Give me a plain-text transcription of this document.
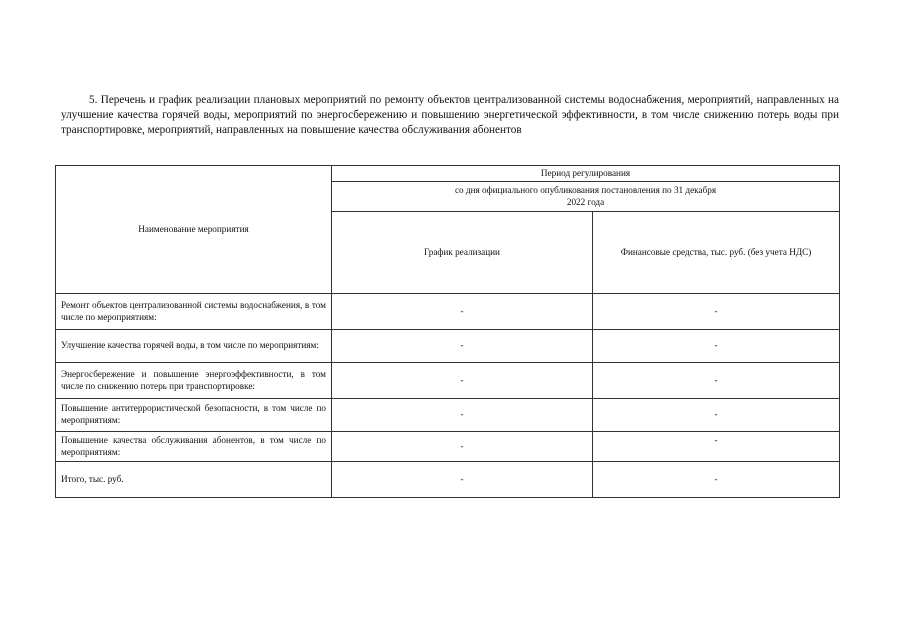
5. Перечень и график реализации плановых мероприятий по ремонту объектов централизованной системы водоснабжения, мероприятий, направленных на улучшение качества горячей воды, мероприятий по энергосбережению и повышению энергетической эффективности, в том числе снижению потерь воды при транспортировке, мероприятий, направленных на повышение качества обслуживания абонентов
Наименование мероприятия	Период регулирования	
	со дня официального опубликования постановления по 31 декабря 2022 года	
	График реализации	Финансовые средства, тыс. руб. (без учета НДС)
Ремонт объектов централизованной системы водоснабжения, в том числе по мероприятиям:	-	-
Улучшение качества горячей воды, в том числе по мероприятиям:	-	-
Энергосбережение и повышение энергоэффективности, в том числе по снижению потерь при транспортировке:	-	-
Повышение антитеррористической безопасности, в том числе по мероприятиям:	-	-
Повышение качества обслуживания абонентов, в том числе по мероприятиям:	-	-
Итого, тыс. руб.	-	-
